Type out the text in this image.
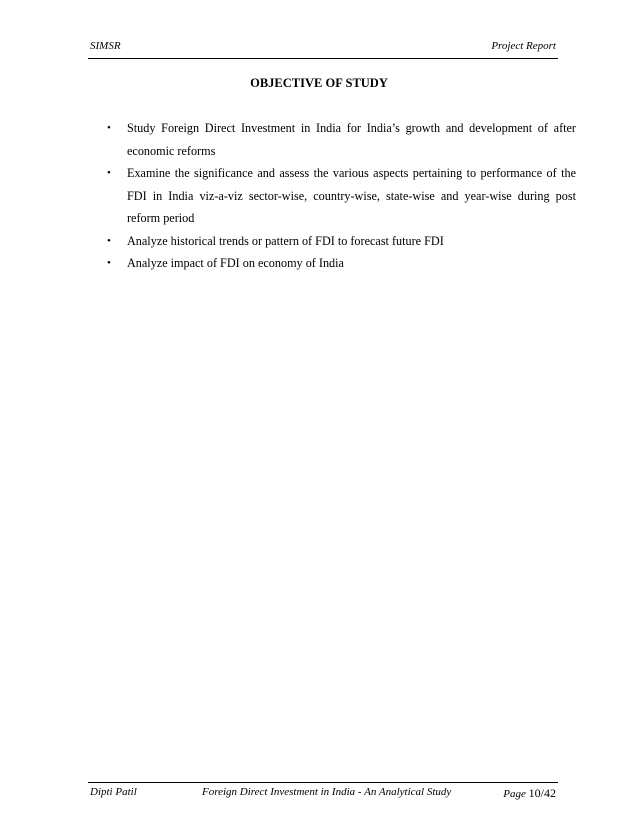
SIMSR	Project Report
OBJECTIVE OF STUDY
•	Study Foreign Direct Investment in India for India’s growth and development of after economic reforms
•	Examine the significance and assess the various aspects pertaining to performance of the FDI in India viz-a-viz sector-wise, country-wise, state-wise and year-wise during post reform period
•	Analyze historical trends or pattern of FDI to forecast future FDI
•	Analyze impact of FDI on economy of India
Dipti Patil	Foreign Direct Investment in India - An Analytical Study	Page 10/42
